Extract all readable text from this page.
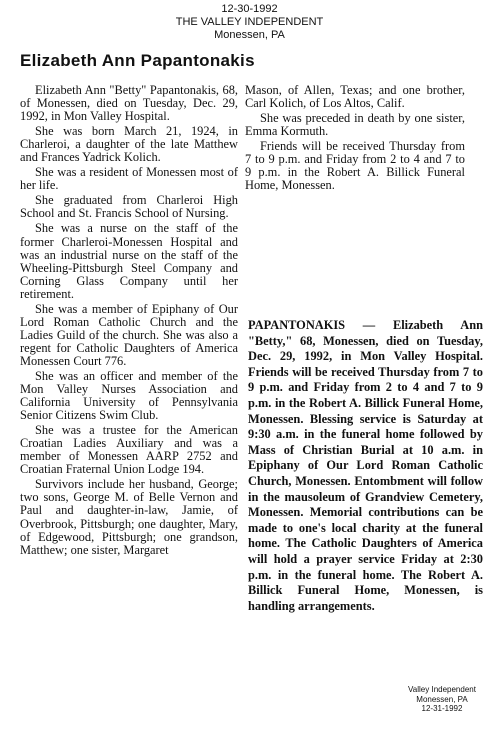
12-30-1992
THE VALLEY INDEPENDENT
Monessen, PA
Elizabeth Ann Papantonakis

Elizabeth Ann "Betty" Papantonakis, 68, of Monessen, died on Tuesday, Dec. 29, 1992, in Mon Valley Hospital.

She was born March 21, 1924, in Charleroi, a daughter of the late Matthew and Frances Yadrick Kolich.

She was a resident of Monessen most of her life.

She graduated from Charleroi High School and St. Francis School of Nursing.

She was a nurse on the staff of the former Charleroi-Monessen Hospital and was an industrial nurse on the staff of the Wheeling-Pittsburgh Steel Company and Corning Glass Company until her retirement.

She was a member of Epiphany of Our Lord Roman Catholic Church and the Ladies Guild of the church. She was also a regent for Catholic Daughters of America Monessen Court 776.

She was an officer and member of the Mon Valley Nurses Association and California University of Pennsylvania Senior Citizens Swim Club.

She was a trustee for the American Croatian Ladies Auxiliary and was a member of Monessen AARP 2752 and Croatian Fraternal Union Lodge 194.

Survivors include her husband, George; two sons, George M. of Belle Vernon and Paul and daughter-in-law, Jamie, of Overbrook, Pittsburgh; one daughter, Mary, of Edgewood, Pittsburgh; one grandson, Matthew; one sister, Margaret

Mason, of Allen, Texas; and one brother, Carl Kolich, of Los Altos, Calif.

She was preceded in death by one sister, Emma Kormuth.

Friends will be received Thursday from 7 to 9 p.m. and Friday from 2 to 4 and 7 to 9 p.m. in the Robert A. Billick Funeral Home, Monessen.

PAPANTONAKIS — Elizabeth Ann "Betty," 68, Monessen, died on Tuesday, Dec. 29, 1992, in Mon Valley Hospital. Friends will be received Thursday from 7 to 9 p.m. and Friday from 2 to 4 and 7 to 9 p.m. in the Robert A. Billick Funeral Home, Monessen. Blessing service is Saturday at 9:30 a.m. in the funeral home followed by Mass of Christian Burial at 10 a.m. in Epiphany of Our Lord Roman Catholic Church, Monessen. Entombment will follow in the mausoleum of Grandview Cemetery, Monessen. Memorial contributions can be made to one's local charity at the funeral home. The Catholic Daughters of America will hold a prayer service Friday at 2:30 p.m. in the funeral home. The Robert A. Billick Funeral Home, Monessen, is handling arrangements.
Valley Independent
Monessen, PA
12-31-1992
